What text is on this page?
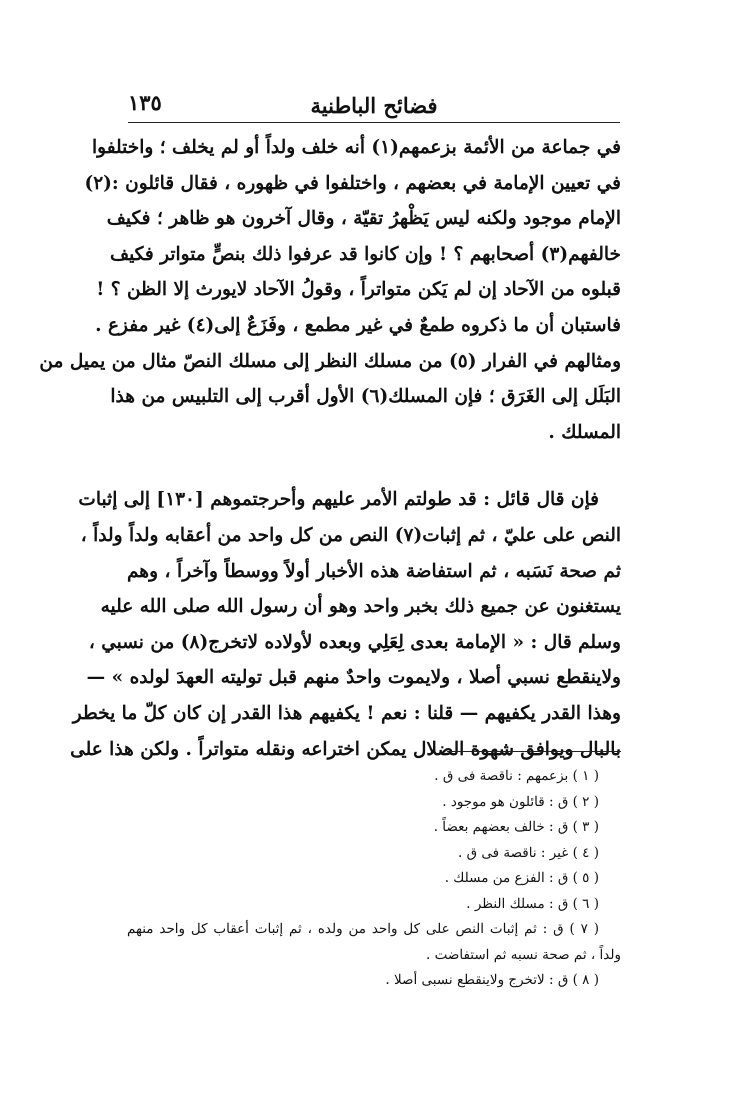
فضائح الباطنية
١٣٥
في جماعة من الأئمة بزعمهم(١) أنه خلف ولداً أو لم يخلف ؛ واختلفوا
في تعيين الإمامة في بعضهم ، واختلفوا في ظهوره ، فقال قائلون :(٢)
الإمام موجود ولكنه ليس يَظْهرُ تقيّة ، وقال آخرون هو ظاهر ؛ فكيف
خالفهم(٣) أصحابهم ؟ ! وإن كانوا قد عرفوا ذلك بنصٍّ متواتر فكيف
قبلوه من الآحاد إن لم يَكن متواتراً ، وقولُ الآحاد لايورث إلا الظن ؟ !
فاستبان أن ما ذكروه طمعٌ في غير مطمع ، وفَزَعٌ إلى(٤) غير مفزع .
ومثالهم في الفرار (٥) من مسلك النظر إلى مسلك النصّ مثال من يميل من
البَلَل إلى الغَرَق ؛ فإن المسلك(٦) الأول أقرب إلى التلبيس من هذا
المسلك .
فإن قال قائل : قد طولتم الأمر عليهم وأحرجتموهم [١٣٠] إلى إثبات
النص على عليّ ، ثم إثبات(٧) النص من كل واحد من أعقابه ولداً ولداً ،
ثم صحة نَسَبه ، ثم استفاضة هذه الأخبار أولاً ووسطاً وآخراً ، وهم
يستغنون عن جميع ذلك بخبر واحد وهو أن رسول الله صلى الله عليه
وسلم قال : « الإمامة بعدى لِعَلِي وبعده لأولاده لاتخرج(٨) من نسبي ،
ولاينقطع نسبي أصلا ، ولايموت واحدٌ منهم قبل توليته العهدَ لولده » —
وهذا القدر يكفيهم — قلنا : نعم ! يكفيهم هذا القدر إن كان كلّ ما يخطر
بالبال ويوافق شهوة الضلال يمكن اختراعه ونقله متواتراً . ولكن هذا على
( ١ ) بزعمهم : ناقصة فى ق .
( ٢ ) ق : قائلون هو موجود .
( ٣ ) ق : خالف بعضهم بعضاً .
( ٤ ) غير : ناقصة فى ق .
( ٥ ) ق : الفزع من مسلك .
( ٦ ) ق : مسلك النظر .
( ٧ ) ق : ثم إثبات النص على كل واحد من ولده ، ثم إثبات أعقاب كل واحد منهم
ولداً ، ثم صحة نسبه ثم استفاضت .
( ٨ ) ق : لاتخرج ولاينقطع نسبى أصلا .
